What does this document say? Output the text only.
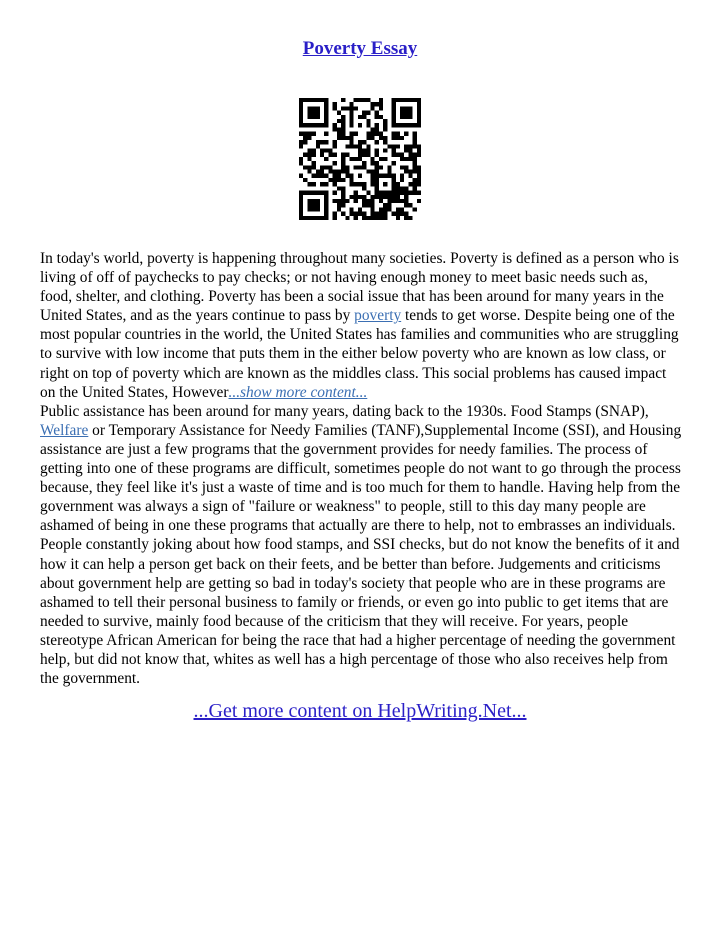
Poverty Essay
In today's world, poverty is happening throughout many societies. Poverty is defined as a person who is living of off of paychecks to pay checks; or not having enough money to meet basic needs such as, food, shelter, and clothing. Poverty has been a social issue that has been around for many years in the United States, and as the years continue to pass by poverty tends to get worse. Despite being one of the most popular countries in the world, the United States has families and communities who are struggling to survive with low income that puts them in the either below poverty who are known as low class, or right on top of poverty which are known as the middles class. This social problems has caused impact on the United States, However...show more content...
Public assistance has been around for many years, dating back to the 1930s. Food Stamps (SNAP),
Welfare or Temporary Assistance for Needy Families (TANF),Supplemental Income (SSI), and Housing assistance are just a few programs that the government provides for needy families. The process of getting into one of these programs are difficult, sometimes people do not want to go through the process because, they feel like it's just a waste of time and is too much for them to handle. Having help from the government was always a sign of "failure or weakness" to people, still to this day many people are ashamed of being in one these programs that actually are there to help, not to embrasses an individuals. People constantly joking about how food stamps, and SSI checks, but do not know the benefits of it and how it can help a person get back on their feets, and be better than before. Judgements and criticisms about government help are getting so bad in today's society that people who are in these programs are ashamed to tell their personal business to family or friends, or even go into public to get items that are needed to survive, mainly food because of the criticism that they will receive. For years, people stereotype African American for being the race that had a higher percentage of needing the government help, but did not know that, whites as well has a high percentage of those who also receives help from the government.
...Get more content on HelpWriting.Net...
